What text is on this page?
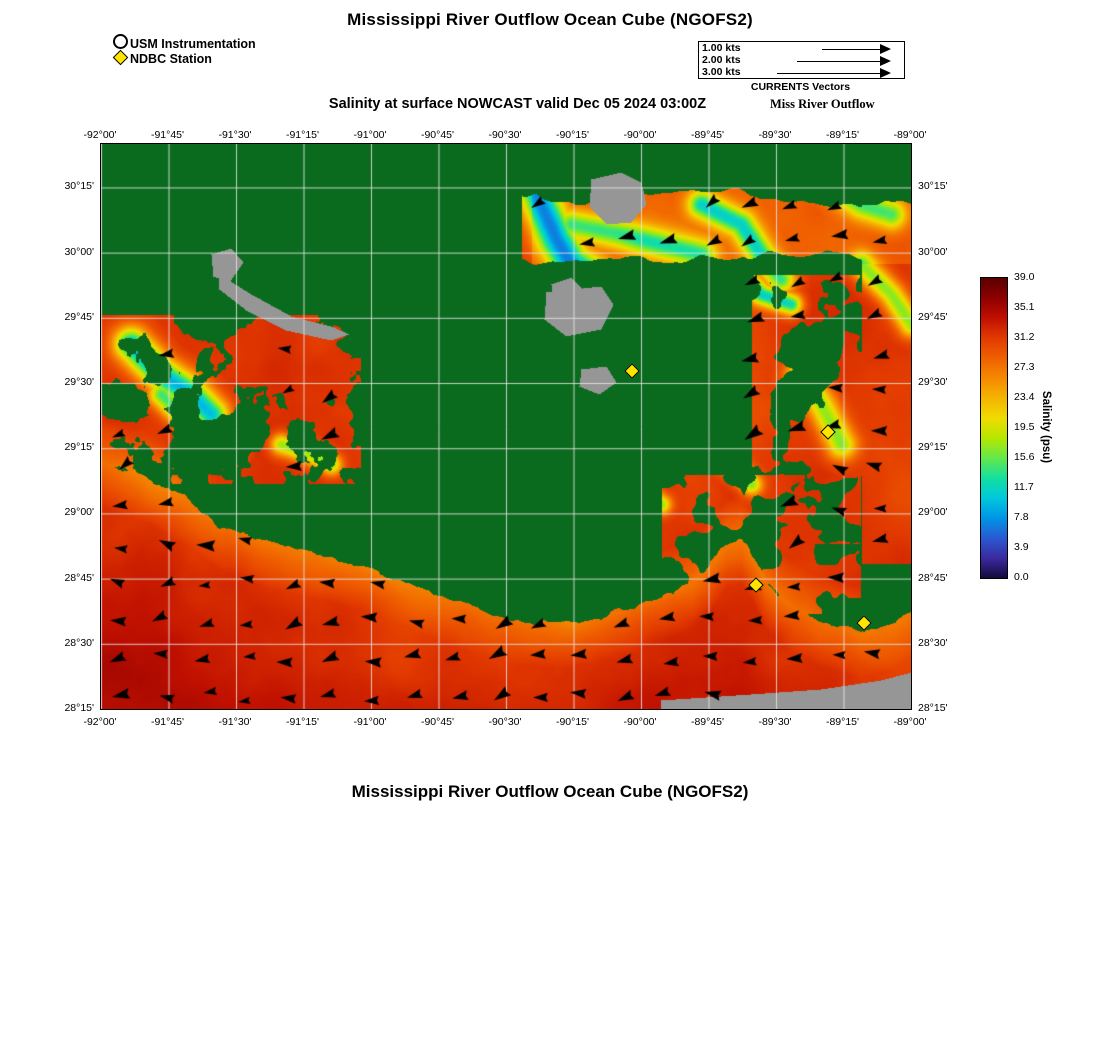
Mississippi River Outflow Ocean Cube (NGOFS2)
Salinity at surface NOWCAST valid Dec 05 2024 03:00Z	Miss River Outflow
Mississippi River Outflow Ocean Cube (NGOFS2)
USM Instrumentation
NDBC Station
1.00 kts
2.00 kts
3.00 kts
CURRENTS Vectors
-92°00'	-91°45'	-91°30'	-91°15'	-91°00'	-90°45'	-90°30'	-90°15'	-90°00'	-89°45'	-89°30'	-89°15'	-89°00'
-92°00'	-91°45'	-91°30'	-91°15'	-91°00'	-90°45'	-90°30'	-90°15'	-90°00'	-89°45'	-89°30'	-89°15'	-89°00'
30°15'
30°00'
29°45'
29°30'
29°15'
29°00'
28°45'
28°30'
28°15'
30°15'
30°00'
29°45'
29°30'
29°15'
29°00'
28°45'
28°30'
28°15'
39.0
35.1
31.2
27.3
23.4
19.5
15.6
11.7
7.8
3.9
0.0
Salinity (psu)
